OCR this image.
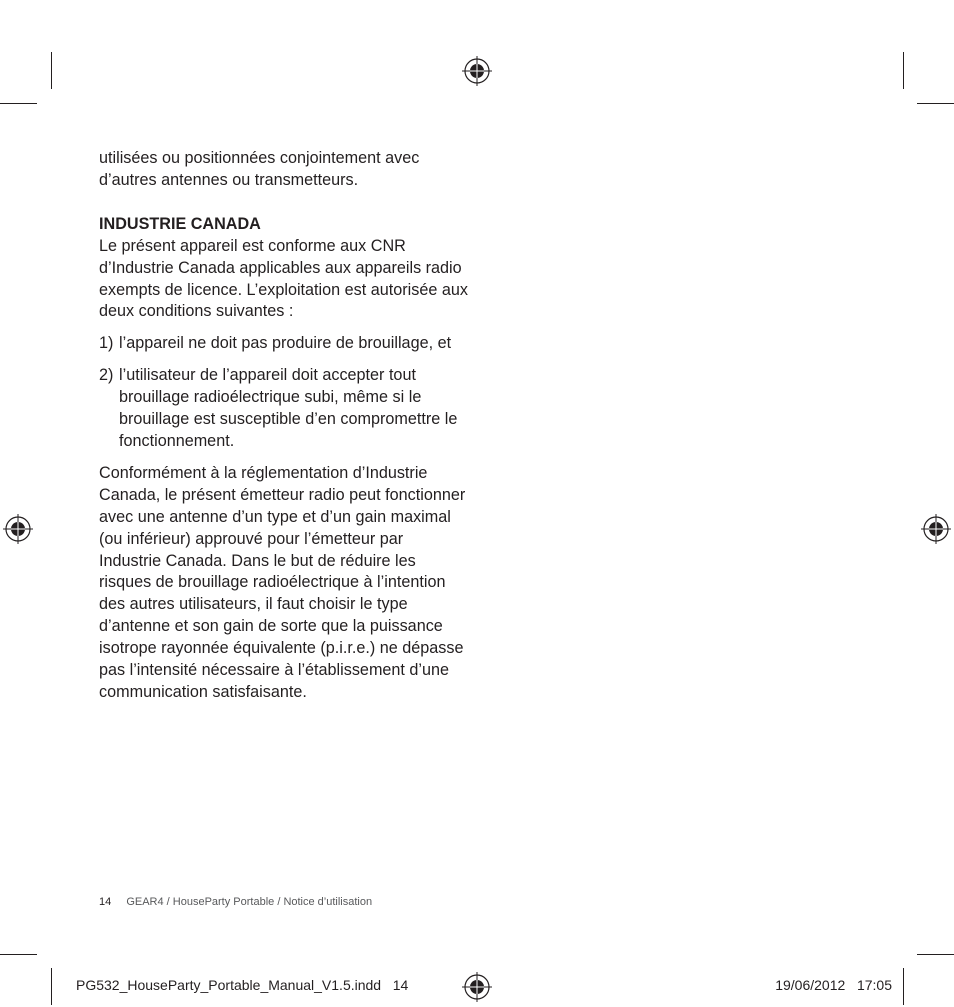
utilisées ou positionnées conjointement avec d’autres antennes ou transmetteurs.

INDUSTRIE CANADA

Le présent appareil est conforme aux CNR d’Industrie Canada applicables aux appareils radio exempts de licence. L’exploitation est autorisée aux deux conditions suivantes :

1) l’appareil ne doit pas produire de brouillage, et
2) l’utilisateur de l’appareil doit accepter tout brouillage radioélectrique subi, même si le brouillage est susceptible d’en compromettre le fonctionnement.

Conformément à la réglementation d’Industrie Canada, le présent émetteur radio peut fonctionner avec une antenne d’un type et d’un gain maximal (ou inférieur) approuvé pour l’émetteur par Industrie Canada. Dans le but de réduire les risques de brouillage radioélectrique à l’intention des autres utilisateurs, il faut choisir le type d’antenne et son gain de sorte que la puissance isotrope rayonnée équivalente (p.i.r.e.) ne dépasse pas l’intensité nécessaire à l’établissement d’une communication satisfaisante.

14 GEAR4 / HouseParty Portable / Notice d’utilisation
PG532_HouseParty_Portable_Manual_V1.5.indd   14	19/06/2012 17:05
